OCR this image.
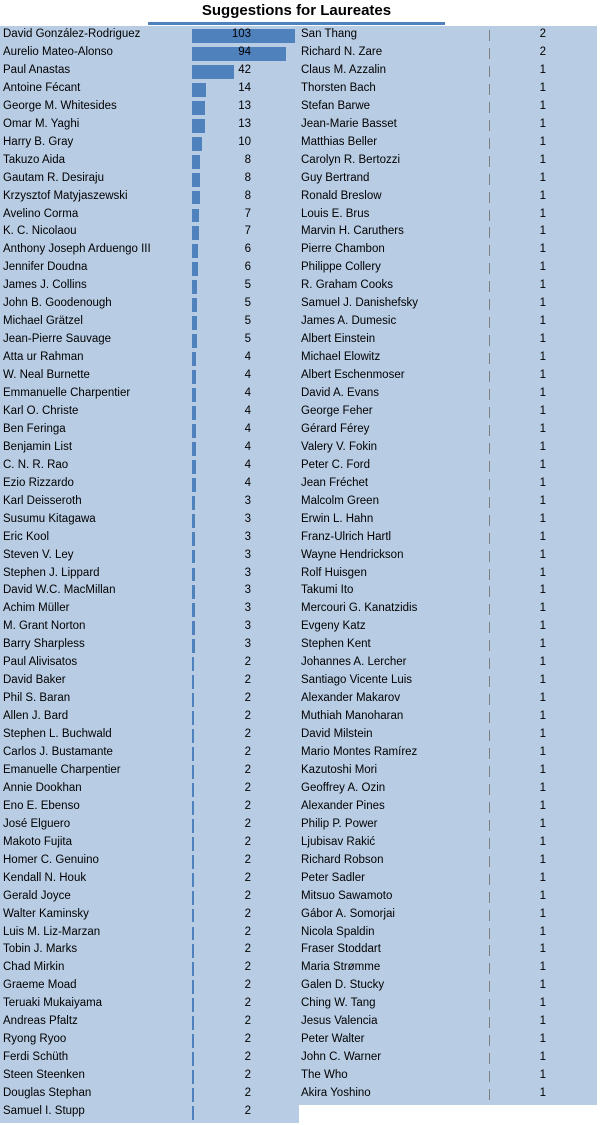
Suggestions for Laureates
David González-Rodriguez	103
Aurelio Mateo-Alonso	94
Paul Anastas	42
Antoine Fécant	14
George M. Whitesides	13
Omar M. Yaghi	13
Harry B. Gray	10
Takuzo Aida	8
Gautam R. Desiraju	8
Krzysztof Matyjaszewski	8
Avelino Corma	7
K. C. Nicolaou	7
Anthony Joseph Arduengo III	6
Jennifer Doudna	6
James J. Collins	5
John B. Goodenough	5
Michael Grätzel	5
Jean-Pierre Sauvage	5
Atta ur Rahman	4
W. Neal Burnette	4
Emmanuelle Charpentier	4
Karl O. Christe	4
Ben Feringa	4
Benjamin List	4
C. N. R. Rao	4
Ezio Rizzardo	4
Karl Deisseroth	3
Susumu Kitagawa	3
Eric Kool	3
Steven V. Ley	3
Stephen J. Lippard	3
David W.C. MacMillan	3
Achim Müller	3
M. Grant Norton	3
Barry Sharpless	3
Paul Alivisatos	2
David Baker	2
Phil S. Baran	2
Allen J. Bard	2
Stephen L. Buchwald	2
Carlos J. Bustamante	2
Emanuelle Charpentier	2
Annie Dookhan	2
Eno E. Ebenso	2
José Elguero	2
Makoto Fujita	2
Homer C. Genuino	2
Kendall N. Houk	2
Gerald Joyce	2
Walter Kaminsky	2
Luis M. Liz-Marzan	2
Tobin J. Marks	2
Chad Mirkin	2
Graeme Moad	2
Teruaki Mukaiyama	2
Andreas Pfaltz	2
Ryong Ryoo	2
Ferdi Schüth	2
Steen Steenken	2
Douglas Stephan	2
Samuel I. Stupp	2
San Thang	2
Richard N. Zare	2
Claus M. Azzalin	1
Thorsten Bach	1
Stefan Barwe	1
Jean-Marie Basset	1
Matthias Beller	1
Carolyn R. Bertozzi	1
Guy Bertrand	1
Ronald Breslow	1
Louis E. Brus	1
Marvin H. Caruthers	1
Pierre Chambon	1
Philippe Collery	1
R. Graham Cooks	1
Samuel J. Danishefsky	1
James A. Dumesic	1
Albert Einstein	1
Michael Elowitz	1
Albert Eschenmoser	1
David A. Evans	1
George Feher	1
Gérard Férey	1
Valery V. Fokin	1
Peter C. Ford	1
Jean Fréchet	1
Malcolm Green	1
Erwin L. Hahn	1
Franz-Ulrich Hartl	1
Wayne Hendrickson	1
Rolf Huisgen	1
Takumi Ito	1
Mercouri G. Kanatzidis	1
Evgeny Katz	1
Stephen Kent	1
Johannes A. Lercher	1
Santiago Vicente Luis	1
Alexander Makarov	1
Muthiah Manoharan	1
David Milstein	1
Mario Montes Ramírez	1
Kazutoshi Mori	1
Geoffrey A. Ozin	1
Alexander Pines	1
Philip P. Power	1
Ljubisav Rakić	1
Richard Robson	1
Peter Sadler	1
Mitsuo Sawamoto	1
Gábor A. Somorjai	1
Nicola Spaldin	1
Fraser Stoddart	1
Maria Strømme	1
Galen D. Stucky	1
Ching W. Tang	1
Jesus Valencia	1
Peter Walter	1
John C. Warner	1
The Who	1
Akira Yoshino	1
